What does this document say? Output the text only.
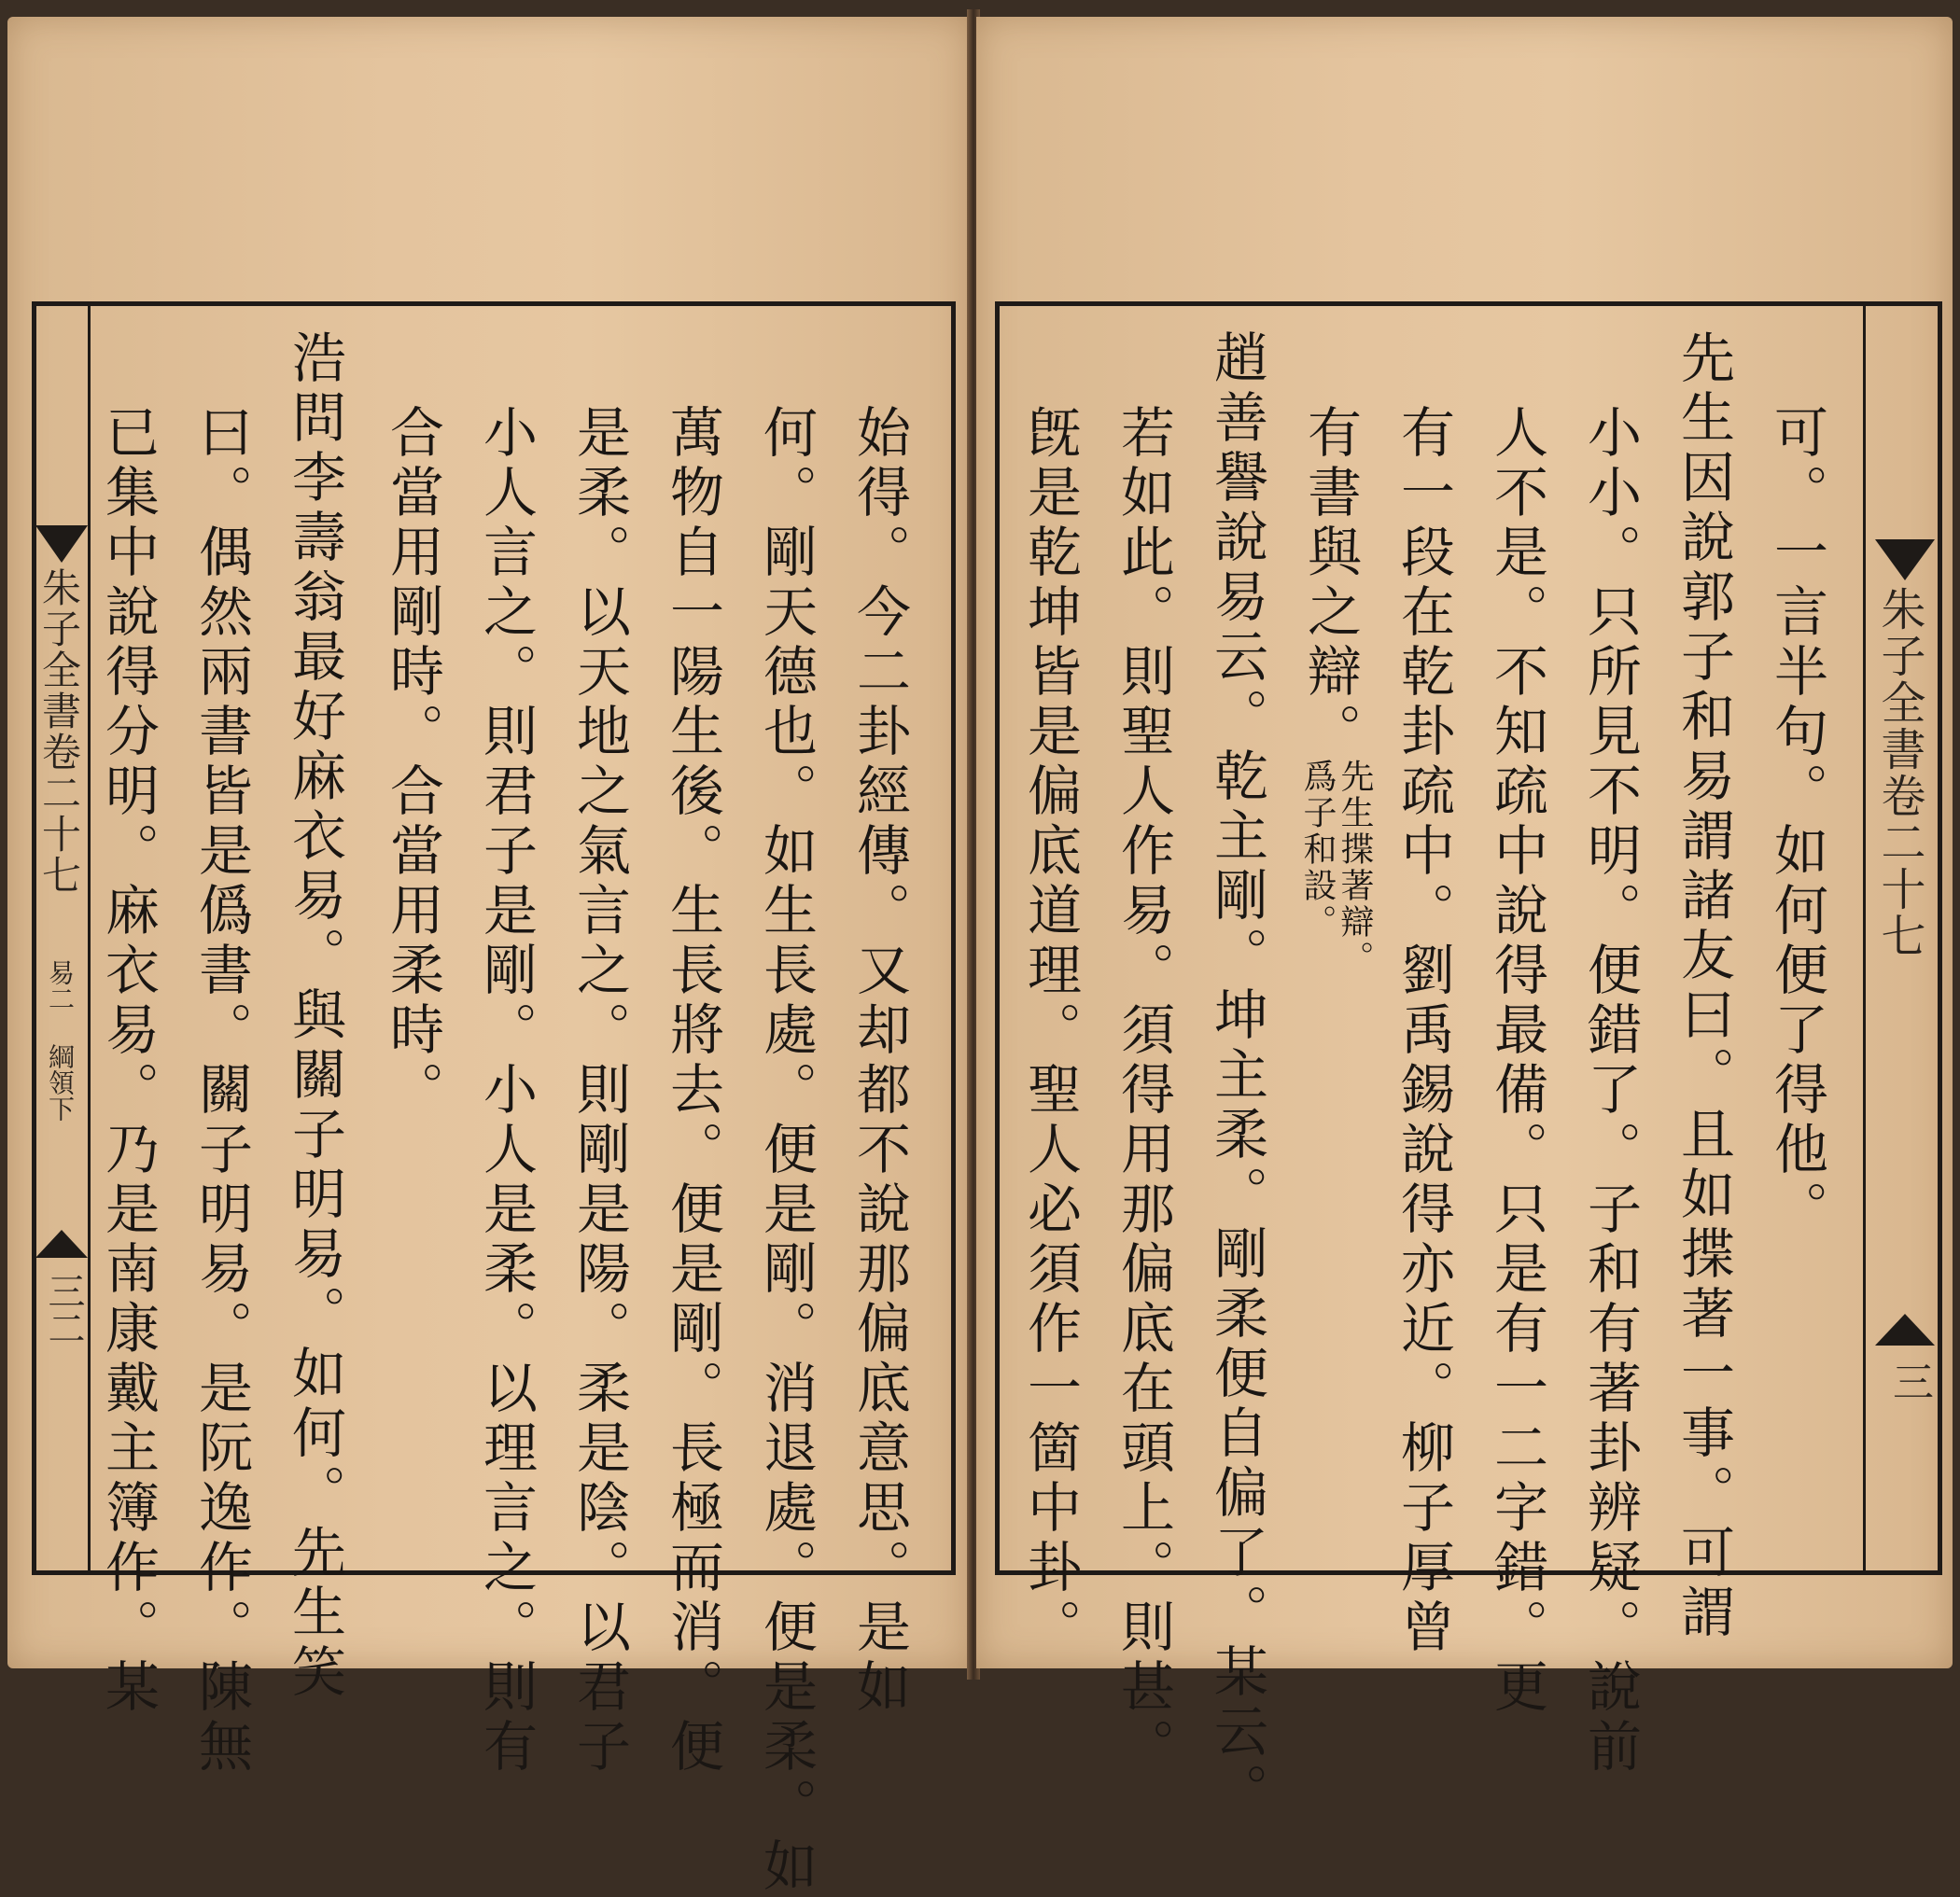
朱子全書卷二十七
易二
綱領下
三二	始得。今二卦經傳。又却都不說那偏底意思。是如
何。剛天德也。如生長處。便是剛。消退處。便是柔。如
萬物自一陽生後。生長將去。便是剛。長極而消。便
是柔。以天地之氣言之。則剛是陽。柔是陰。以君子
小人言之。則君子是剛。小人是柔。以理言之。則有
合當用剛時。合當用柔時。
浩問李壽翁最好麻衣易。與關子明易。如何。先生笑
曰。偶然兩書皆是僞書。關子明易。是阮逸作。陳無
已集中說得分明。麻衣易。乃是南康戴主簿作。某	朱子全書卷二十七
三
可。一言半句。如何便了得他。
先生因說郭子和易謂諸友曰。且如揲著一事。可謂
小小。只所見不明。便錯了。子和有著卦辨疑。說前
人不是。不知疏中說得最備。只是有一二字錯。更
有一段在乾卦疏中。劉禹錫說得亦近。柳子厚曾
有書與之辯。
先生揲著辯。
爲子和設。
趙善譽說易云。乾主剛。坤主柔。剛柔便自偏了。某云。
若如此。則聖人作易。須得用那偏底在頭上。則甚。
旣是乾坤皆是偏底道理。聖人必須作一箇中卦。
